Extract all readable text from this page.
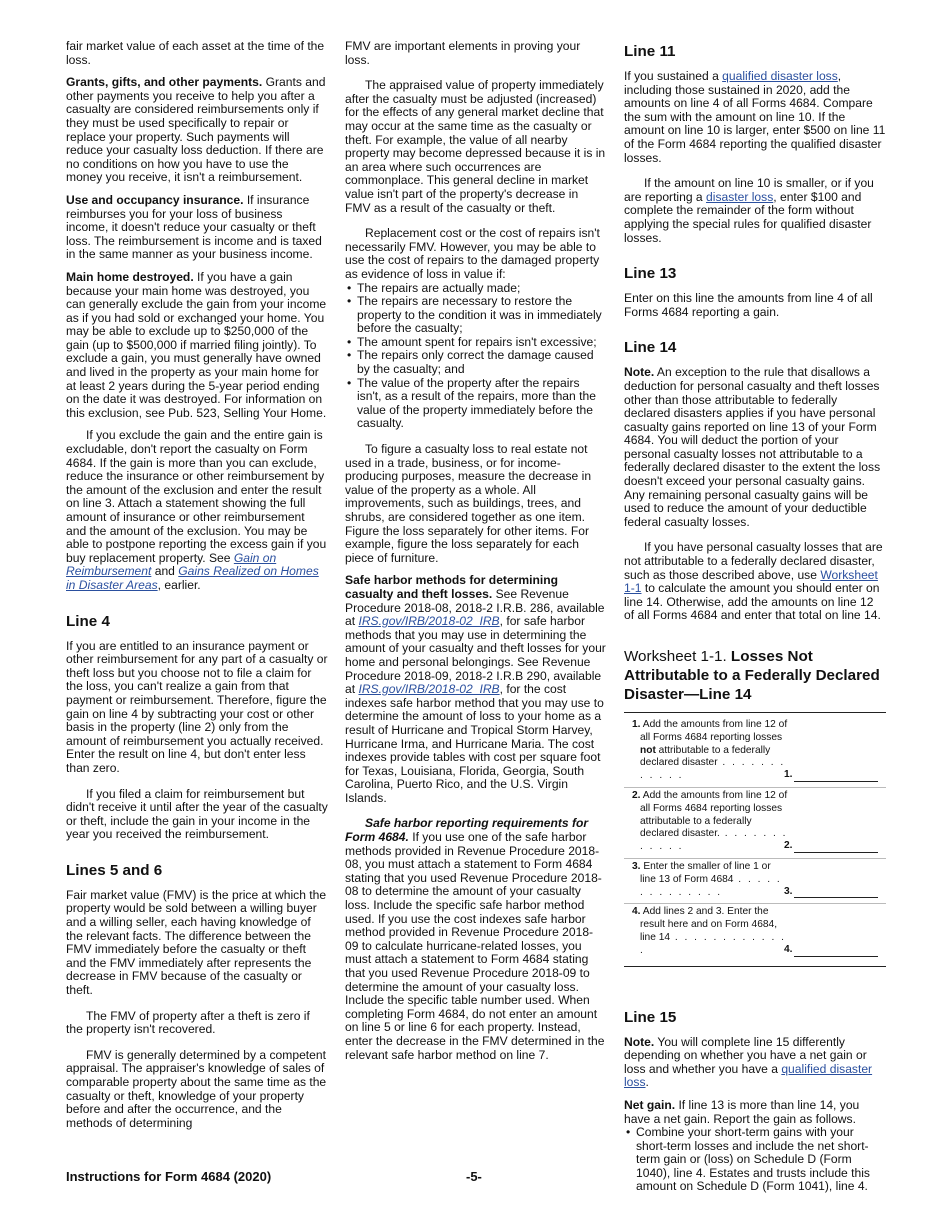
fair market value of each asset at the time of the loss.

Grants, gifts, and other payments. Grants and other payments you receive to help you after a casualty are considered reimbursements only if they must be used specifically to repair or replace your property. Such payments will reduce your casualty loss deduction. If there are no conditions on how you have to use the money you receive, it isn't a reimbursement.

Use and occupancy insurance. If insurance reimburses you for your loss of business income, it doesn't reduce your casualty or theft loss. The reimbursement is income and is taxed in the same manner as your business income.

Main home destroyed. If you have a gain because your main home was destroyed, you can generally exclude the gain from your income as if you had sold or exchanged your home. You may be able to exclude up to $250,000 of the gain (up to $500,000 if married filing jointly). To exclude a gain, you must generally have owned and lived in the property as your main home for at least 2 years during the 5-year period ending on the date it was destroyed. For information on this exclusion, see Pub. 523, Selling Your Home.

If you exclude the gain and the entire gain is excludable, don't report the casualty on Form 4684. If the gain is more than you can exclude, reduce the insurance or other reimbursement by the amount of the exclusion and enter the result on line 3. Attach a statement showing the full amount of insurance or other reimbursement and the amount of the exclusion. You may be able to postpone reporting the excess gain if you buy replacement property. See Gain on Reimbursement and Gains Realized on Homes in Disaster Areas, earlier.

Line 4

If you are entitled to an insurance payment or other reimbursement for any part of a casualty or theft loss but you choose not to file a claim for the loss, you can't realize a gain from that payment or reimbursement. Therefore, figure the gain on line 4 by subtracting your cost or other basis in the property (line 2) only from the amount of reimbursement you actually received. Enter the result on line 4, but don't enter less than zero.

If you filed a claim for reimbursement but didn't receive it until after the year of the casualty or theft, include the gain in your income in the year you received the reimbursement.

Lines 5 and 6

Fair market value (FMV) is the price at which the property would be sold between a willing buyer and a willing seller, each having knowledge of the relevant facts. The difference between the FMV immediately before the casualty or theft and the FMV immediately after represents the decrease in FMV because of the casualty or theft.

The FMV of property after a theft is zero if the property isn't recovered.

FMV is generally determined by a competent appraisal. The appraiser's knowledge of sales of comparable property about the same time as the casualty or theft, knowledge of your property before and after the occurrence, and the methods of determining

FMV are important elements in proving your loss.

The appraised value of property immediately after the casualty must be adjusted (increased) for the effects of any general market decline that may occur at the same time as the casualty or theft. For example, the value of all nearby property may become depressed because it is in an area where such occurrences are commonplace. This general decline in market value isn't part of the property's decrease in FMV as a result of the casualty or theft.

Replacement cost or the cost of repairs isn't necessarily FMV. However, you may be able to use the cost of repairs to the damaged property as evidence of loss in value if:

• The repairs are actually made;
• The repairs are necessary to restore the property to the condition it was in immediately before the casualty;
• The amount spent for repairs isn't excessive;
• The repairs only correct the damage caused by the casualty; and
• The value of the property after the repairs isn't, as a result of the repairs, more than the value of the property immediately before the casualty.

To figure a casualty loss to real estate not used in a trade, business, or for income-producing purposes, measure the decrease in value of the property as a whole. All improvements, such as buildings, trees, and shrubs, are considered together as one item. Figure the loss separately for other items. For example, figure the loss separately for each piece of furniture.

Safe harbor methods for determining casualty and theft losses. See Revenue Procedure 2018-08, 2018-2 I.R.B. 286, available at IRS.gov/IRB/2018-02_IRB, for safe harbor methods that you may use in determining the amount of your casualty and theft losses for your home and personal belongings. See Revenue Procedure 2018-09, 2018-2 I.R.B 290, available at IRS.gov/IRB/2018-02_IRB, for the cost indexes safe harbor method that you may use to determine the amount of loss to your home as a result of Hurricane and Tropical Storm Harvey, Hurricane Irma, and Hurricane Maria. The cost indexes provide tables with cost per square foot for Texas, Louisiana, Florida, Georgia, South Carolina, Puerto Rico, and the U.S. Virgin Islands.

Safe harbor reporting requirements for Form 4684. If you use one of the safe harbor methods provided in Revenue Procedure 2018-08, you must attach a statement to Form 4684 stating that you used Revenue Procedure 2018-08 to determine the amount of your casualty loss. Include the specific safe harbor method used. If you use the cost indexes safe harbor method provided in Revenue Procedure 2018-09 to calculate hurricane-related losses, you must attach a statement to Form 4684 stating that you used Revenue Procedure 2018-09 to determine the amount of your casualty loss. Include the specific table number used. When completing Form 4684, do not enter an amount on line 5 or line 6 for each property. Instead, enter the decrease in the FMV determined in the relevant safe harbor method on line 7.

Line 11

If you sustained a qualified disaster loss, including those sustained in 2020, add the amounts on line 4 of all Forms 4684. Compare the sum with the amount on line 10. If the amount on line 10 is larger, enter $500 on line 11 of the Form 4684 reporting the qualified disaster losses.

If the amount on line 10 is smaller, or if you are reporting a disaster loss, enter $100 and complete the remainder of the form without applying the special rules for qualified disaster losses.

Line 13

Enter on this line the amounts from line 4 of all Forms 4684 reporting a gain.

Line 14

Note. An exception to the rule that disallows a deduction for personal casualty and theft losses other than those attributable to federally declared disasters applies if you have personal casualty gains reported on line 13 of your Form 4684. You will deduct the portion of your personal casualty losses not attributable to a federally declared disaster to the extent the loss doesn't exceed your personal casualty gains. Any remaining personal casualty gains will be used to reduce the amount of your deductible federal casualty losses.

If you have personal casualty losses that are not attributable to a federally declared disaster, such as those described above, use Worksheet 1-1 to calculate the amount you should enter on line 14. Otherwise, add the amounts on line 12 of all Forms 4684 and enter that total on line 14.

Worksheet 1-1. Losses Not Attributable to a Federally Declared Disaster—Line 14
1. Add the amounts from line 12 of all Forms 4684 reporting losses not attributable to a federally declared disaster . . . . . . . . . . . .	1.
2. Add the amounts from line 12 of all Forms 4684 reporting losses attributable to a federally declared disaster. . . . . . . . . . . . .	2.
3. Enter the smaller of line 1 or line 13 of Form 4684 . . . . . . . . . . . . . .	3.
4. Add lines 2 and 3. Enter the result here and on Form 4684, line 14 . . . . . . . . . . . . .	4.
Line 15

Note. You will complete line 15 differently depending on whether you have a net gain or loss and whether you have a qualified disaster loss.

Net gain. If line 13 is more than line 14, you have a net gain. Report the gain as follows.

• Combine your short-term gains with your short-term losses and include the net short-term gain or (loss) on Schedule D (Form 1040), line 4. Estates and trusts include this amount on Schedule D (Form 1041), line 4.
Instructions for Form 4684 (2020)	-5-
